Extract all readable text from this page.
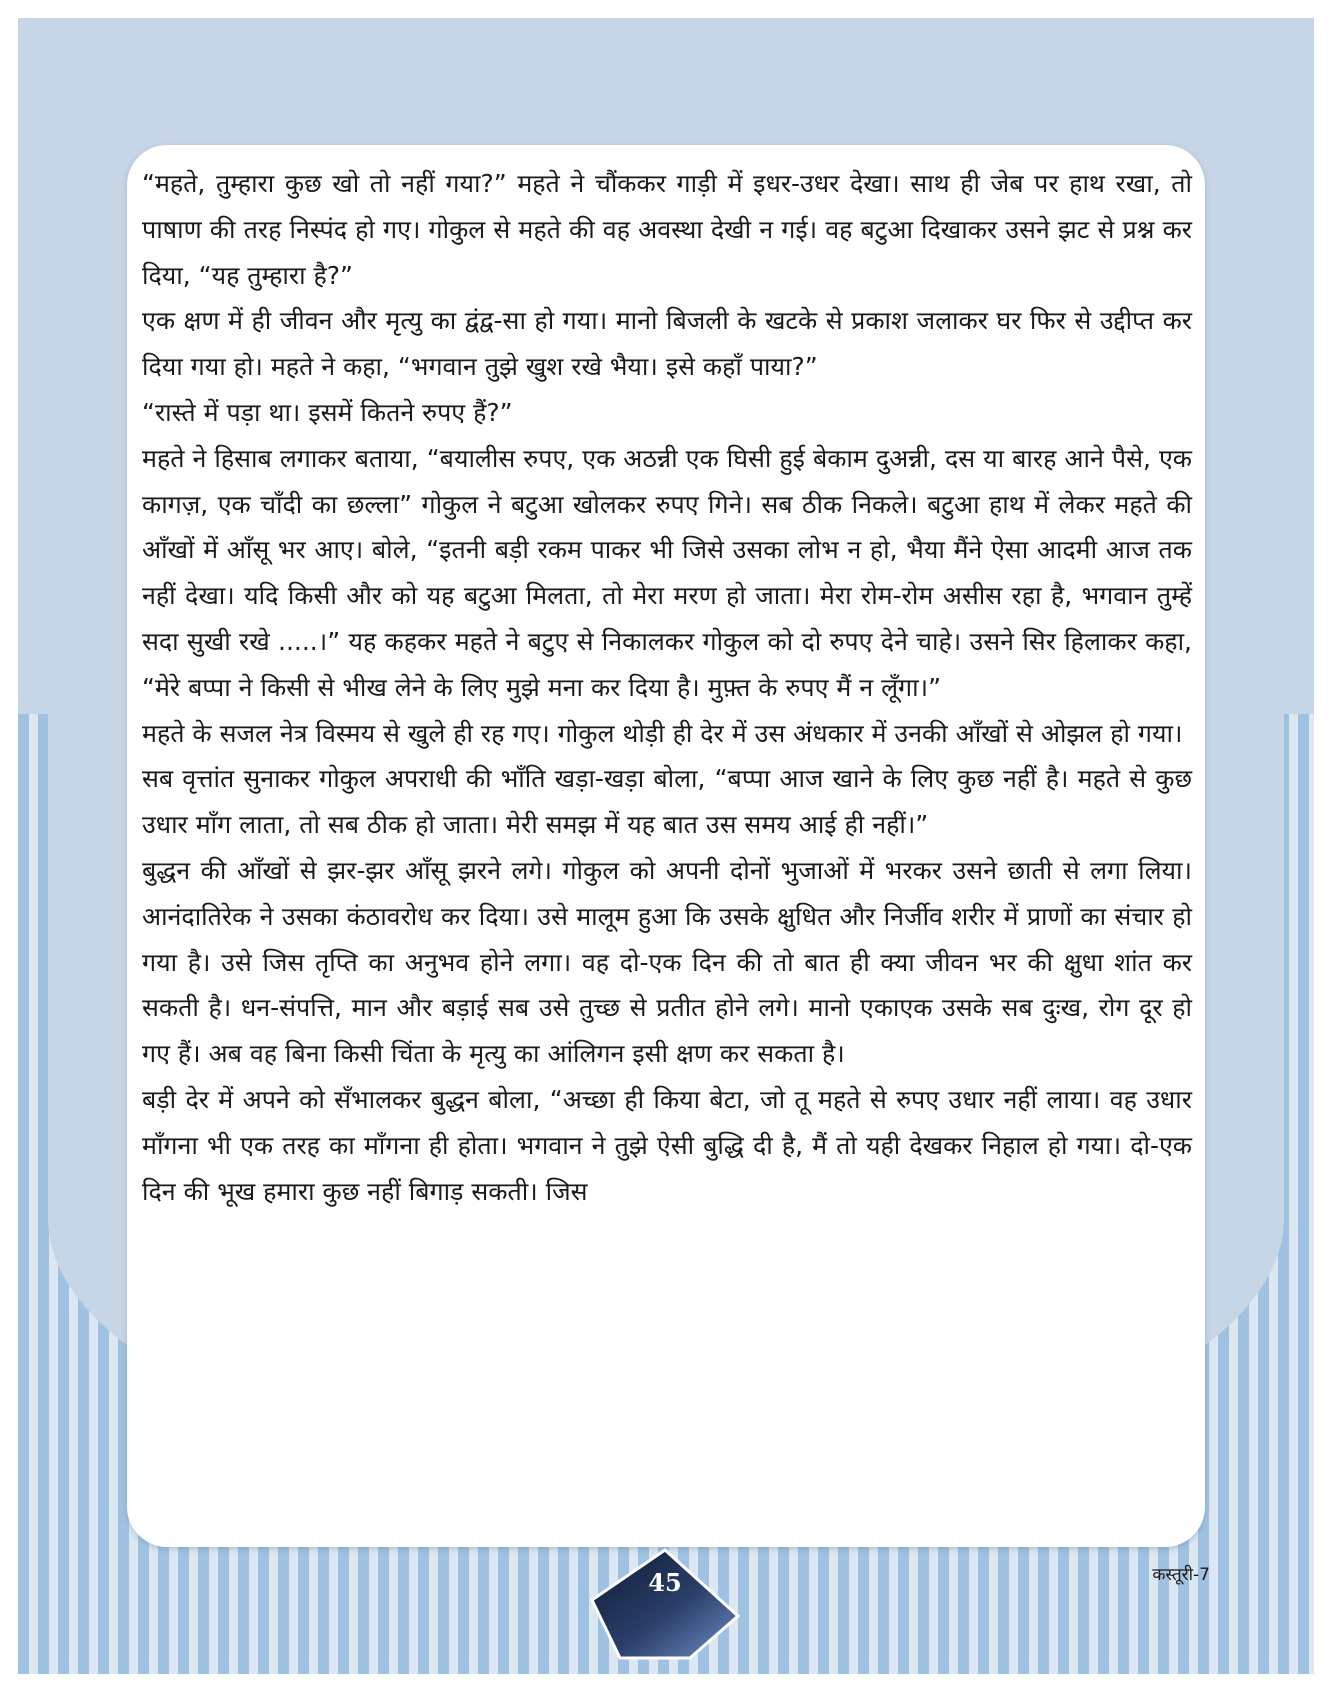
“महते, तुम्हारा कुछ खो तो नहीं गया?” महते ने चौंककर गाड़ी में इधर-उधर देखा। साथ ही जेब पर हाथ रखा, तो पाषाण की तरह निस्पंद हो गए। गोकुल से महते की वह अवस्था देखी न गई। वह बटुआ दिखाकर उसने झट से प्रश्न कर दिया, “यह तुम्हारा है?”

एक क्षण में ही जीवन और मृत्यु का द्वंद्व-सा हो गया। मानो बिजली के खटके से प्रकाश जलाकर घर फिर से उद्दीप्त कर दिया गया हो। महते ने कहा, “भगवान तुझे खुश रखे भैया। इसे कहाँ पाया?”

“रास्ते में पड़ा था। इसमें कितने रुपए हैं?”

महते ने हिसाब लगाकर बताया, “बयालीस रुपए, एक अठन्नी एक घिसी हुई बेकाम दुअन्नी, दस या बारह आने पैसे, एक कागज़, एक चाँदी का छल्ला” गोकुल ने बटुआ खोलकर रुपए गिने। सब ठीक निकले। बटुआ हाथ में लेकर महते की आँखों में आँसू भर आए। बोले, “इतनी बड़ी रकम पाकर भी जिसे उसका लोभ न हो, भैया मैंने ऐसा आदमी आज तक नहीं देखा। यदि किसी और को यह बटुआ मिलता, तो मेरा मरण हो जाता। मेरा रोम-रोम असीस रहा है, भगवान तुम्हें सदा सुखी रखे .....।” यह कहकर महते ने बटुए से निकालकर गोकुल को दो रुपए देने चाहे। उसने सिर हिलाकर कहा, “मेरे बप्पा ने किसी से भीख लेने के लिए मुझे मना कर दिया है। मुफ़्त के रुपए मैं न लूँगा।”

महते के सजल नेत्र विस्मय से खुले ही रह गए। गोकुल थोड़ी ही देर में उस अंधकार में उनकी आँखों से ओझल हो गया।

सब वृत्तांत सुनाकर गोकुल अपराधी की भाँति खड़ा-खड़ा बोला, “बप्पा आज खाने के लिए कुछ नहीं है। महते से कुछ उधार माँग लाता, तो सब ठीक हो जाता। मेरी समझ में यह बात उस समय आई ही नहीं।”

बुद्धन की आँखों से झर-झर आँसू झरने लगे। गोकुल को अपनी दोनों भुजाओं में भरकर उसने छाती से लगा लिया। आनंदातिरेक ने उसका कंठावरोध कर दिया। उसे मालूम हुआ कि उसके क्षुधित और निर्जीव शरीर में प्राणों का संचार हो गया है। उसे जिस तृप्ति का अनुभव होने लगा। वह दो-एक दिन की तो बात ही क्या जीवन भर की क्षुधा शांत कर सकती है। धन-संपत्ति, मान और बड़ाई सब उसे तुच्छ से प्रतीत होने लगे। मानो एकाएक उसके सब दुःख, रोग दूर हो गए हैं। अब वह बिना किसी चिंता के मृत्यु का आंलिगन इसी क्षण कर सकता है।

बड़ी देर में अपने को सँभालकर बुद्धन बोला, “अच्छा ही किया बेटा, जो तू महते से रुपए उधार नहीं लाया। वह उधार माँगना भी एक तरह का माँगना ही होता। भगवान ने तुझे ऐसी बुद्धि दी है, मैं तो यही देखकर निहाल हो गया। दो-एक दिन की भूख हमारा कुछ नहीं बिगाड़ सकती। जिस

45	कस्तूरी-7
